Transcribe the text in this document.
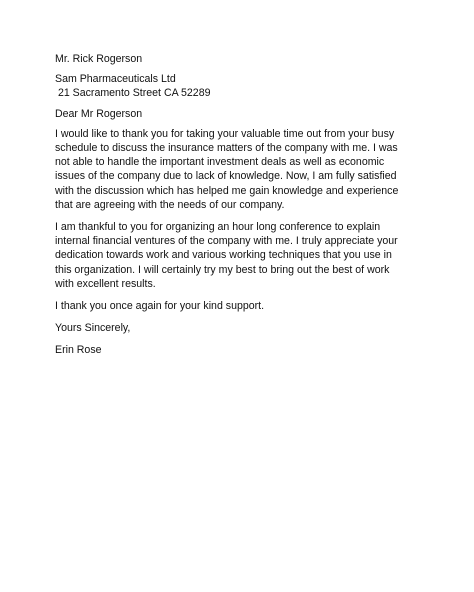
Mr. Rick Rogerson
Sam Pharmaceuticals Ltd
21 Sacramento Street CA 52289
Dear Mr Rogerson
I would like to thank you for taking your valuable time out from your busy
schedule to discuss the insurance matters of the company with me. I was
not able to handle the important investment deals as well as economic
issues of the company due to lack of knowledge. Now, I am fully satisfied
with the discussion which has helped me gain knowledge and experience
that are agreeing with the needs of our company.
I am thankful to you for organizing an hour long conference to explain
internal financial ventures of the company with me. I truly appreciate your
dedication towards work and various working techniques that you use in
this organization. I will certainly try my best to bring out the best of work
with excellent results.
I thank you once again for your kind support.
Yours Sincerely,
Erin Rose
